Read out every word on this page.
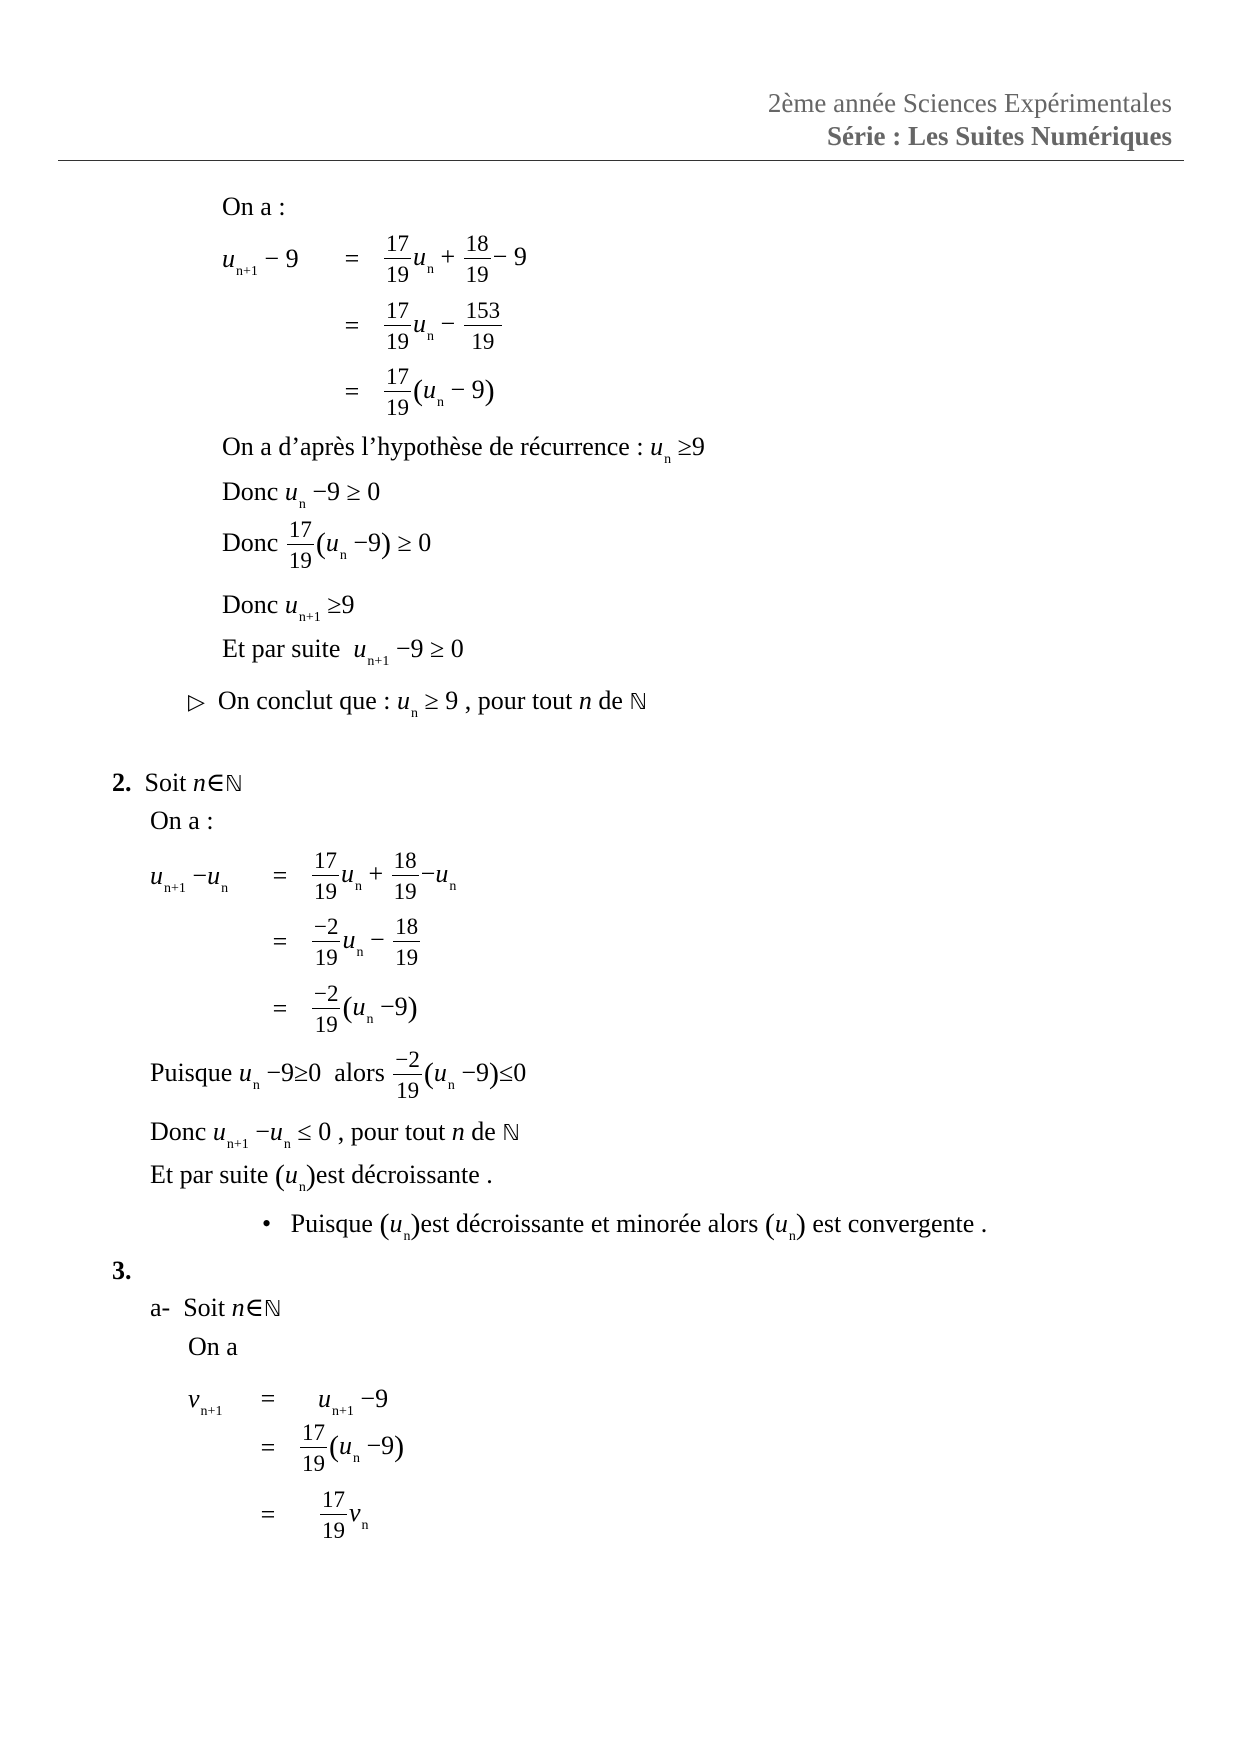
2ème année Sciences Expérimentales
Série : Les Suites Numériques
On a :
$u_{n+1} - 9$	=	$\frac{17}{19} u_n + \frac{18}{19} - 9$
=	$\frac{17}{19} u_n - \frac{153}{19}$
=	$\frac{17}{19} (u_n - 9)$
On a d’après l’hypothèse de récurrence : $u_n \ge 9$
Donc $u_n -9 \ge 0$
Donc $\frac{17}{19} (u_n -9) \ge 0$
Donc $u_{n+1} \ge 9$
Et par suite $u_{n+1} -9 \ge 0$
▷ On conclut que : $u_n \ge 9$ , pour tout n de ℕ
2. Soit n∈ℕ
On a :
$u_{n+1} -u_n$	=	$\frac{17}{19} u_n + \frac{18}{19} -u_n$
=	$\frac{-2}{19} u_n - \frac{18}{19}$
=	$\frac{-2}{19} (u_n -9)$
Puisque $u_n -9\ge 0$ alors $\frac{-2}{19} (u_n -9)\le 0$
Donc $u_{n+1} -u_n \le 0$ , pour tout n de ℕ
Et par suite $(u_n)est$ décroissante .
• Puisque $(u_n)est$ décroissante et minorée alors $(u_n)$ est convergente .
3.
a- Soit n∈ℕ
On a
$v_{n+1}$	=	$u_{n+1} -9$
=	$\frac{17}{19} (u_n -9)$
=	$\frac{17}{19} v_n$
